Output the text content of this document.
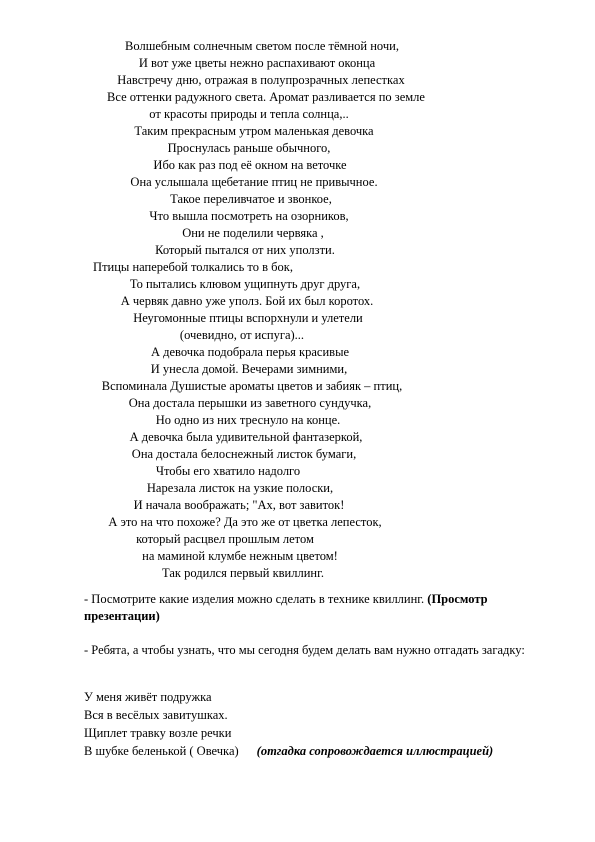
Волшебным солнечным светом после тёмной ночи,
И вот уже цветы нежно распахивают оконца
Навстречу дню, отражая в полупрозрачных лепестках
Все оттенки радужного света. Аромат разливается по земле
от красоты природы и тепла солнца,..
Таким прекрасным утром маленькая девочка
Проснулась раньше обычного,
Ибо как раз под её окном на веточке
Она услышала щебетание птиц не привычное.
Такое переливчатое и звонкое,
Что вышла посмотреть на озорников,
Они не поделили червяка ,
Который пытался от них уползти.
Птицы наперебой толкались то в бок,
То пытались клювом ущипнуть друг друга,
А червяк давно уже уполз. Бой их был коротох.
Неугомонные птицы вспорхнули и улетели
(очевидно, от испуга)...
А девочка подобрала перья красивые
И унесла домой. Вечерами зимними,
Вспоминала Душистые ароматы цветов и забияк – птиц,
Она достала перышки из заветного сундучка,
Но одно из них треснуло на конце.
А девочка была удивительной фантазеркой,
Она достала белоснежный листок бумаги,
Чтобы его хватило надолго
Нарезала листок на узкие полоски,
И начала воображать; "Ах, вот завиток!
А это на что похоже? Да это же от цветка лепесток,
который расцвел прошлым летом
на маминой клумбе нежным цветом!
Так родился первый квиллинг.
- Посмотрите какие изделия можно сделать в технике квиллинг. (Просмотр презентации)
- Ребята, а чтобы узнать, что мы сегодня будем делать вам нужно отгадать загадку:
У меня живёт подружка
Вся в весёлых завитушках.
Щиплет травку возле речки
В шубке беленькой ( Овечка) (отгадка сопровождается иллюстрацией)
